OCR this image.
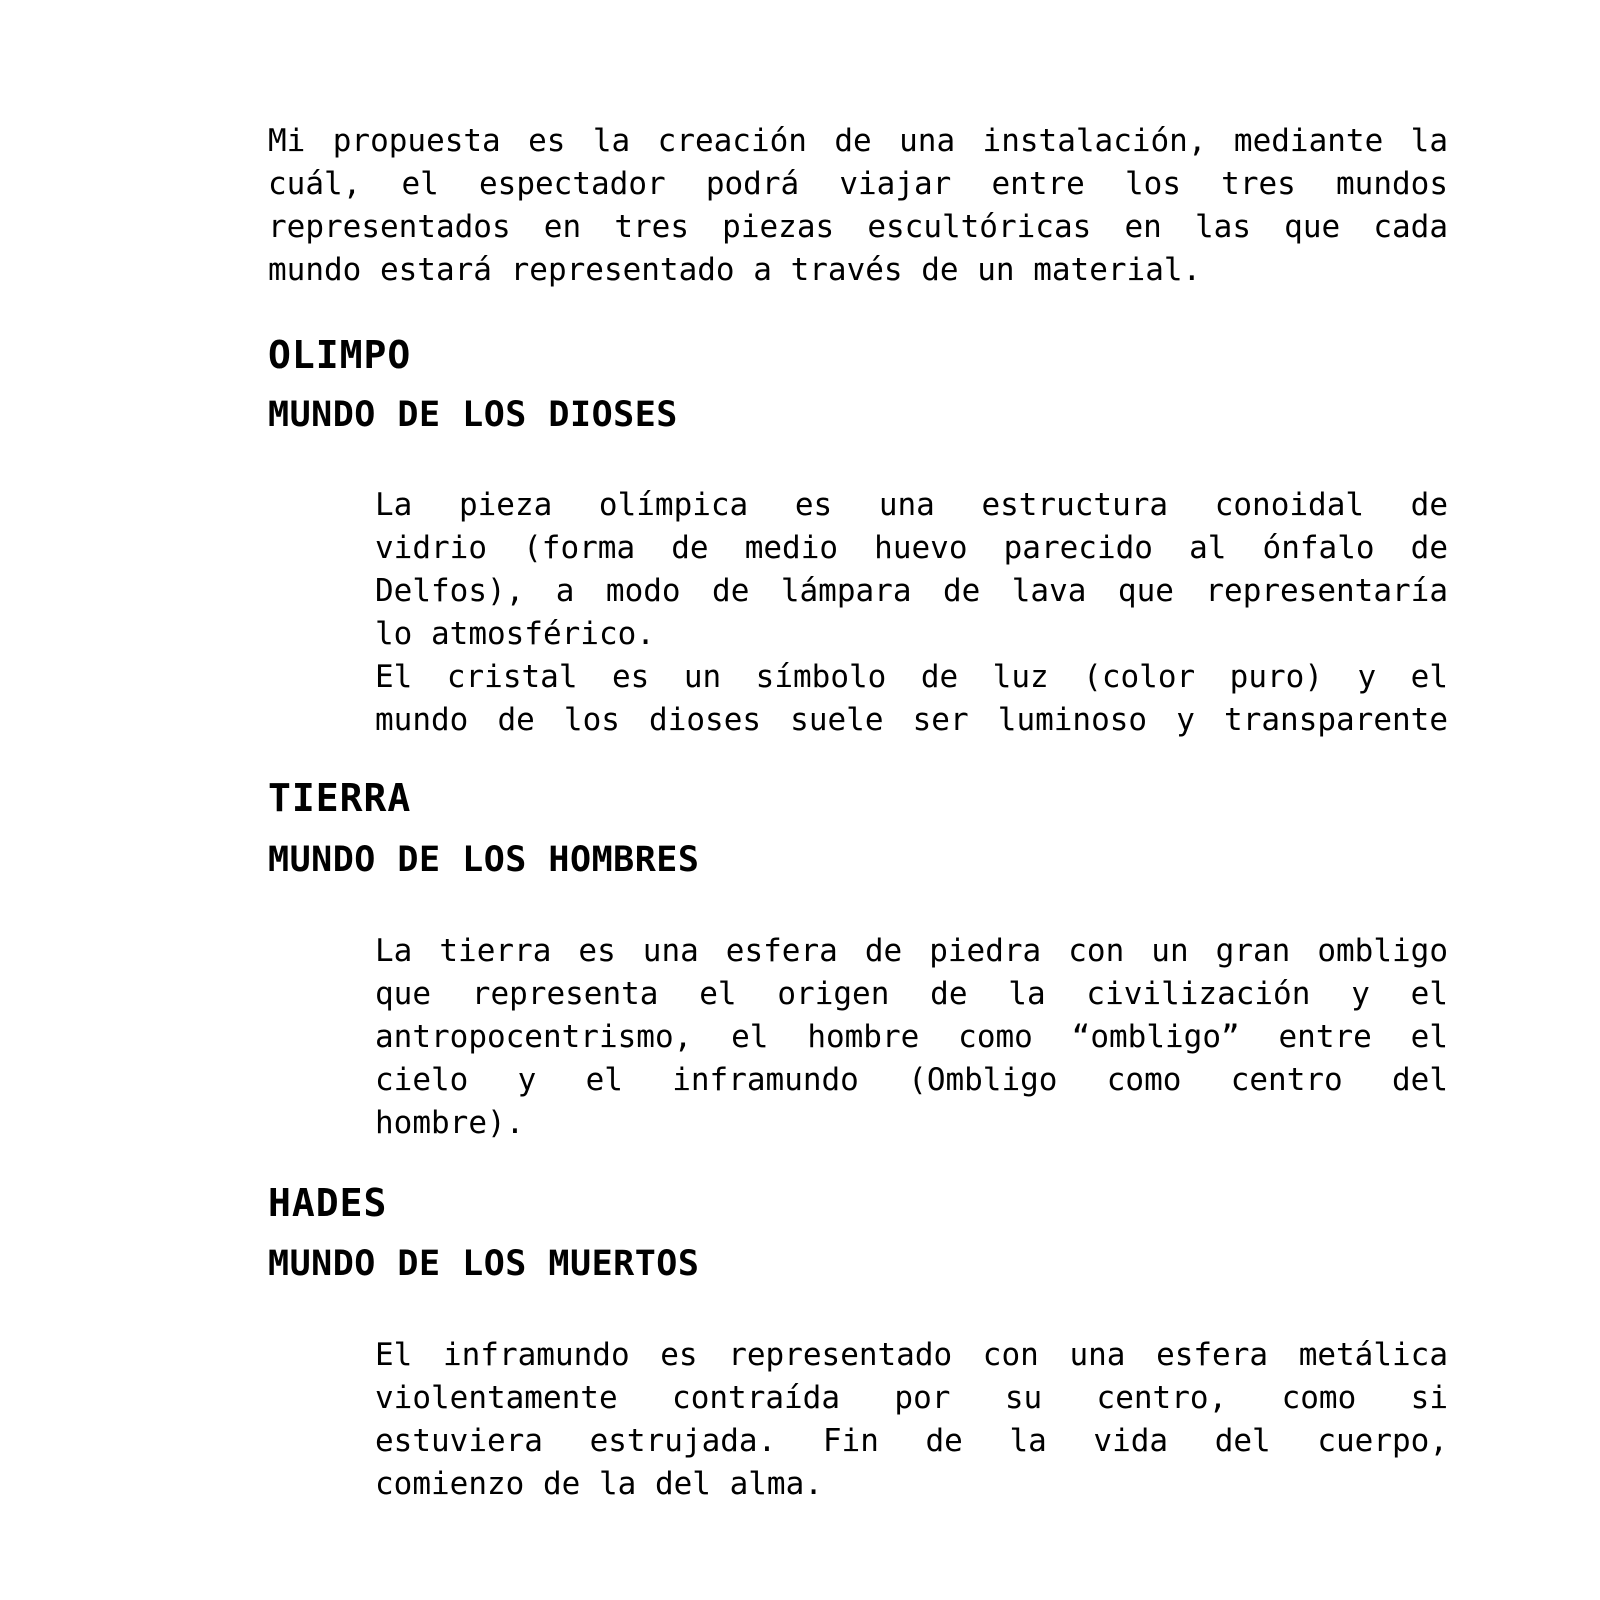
Mi propuesta es la creación de una instalación, mediante la
cuál, el espectador podrá viajar entre los tres mundos
representados en tres piezas escultóricas en las que cada
mundo estará representado a través de un material.

OLIMPO
MUNDO DE LOS DIOSES

La pieza olímpica es una estructura conoidal de
vidrio (forma de medio huevo parecido al ónfalo de
Delfos), a modo de lámpara de lava que representaría
lo atmosférico.
El cristal es un símbolo de luz (color puro) y el
mundo de los dioses suele ser luminoso y transparente

TIERRA
MUNDO DE LOS HOMBRES

La tierra es una esfera de piedra con un gran ombligo
que representa el origen de la civilización y el
antropocentrismo, el hombre como “ombligo” entre el
cielo y el inframundo (Ombligo como centro del
hombre).

HADES
MUNDO DE LOS MUERTOS

El inframundo es representado con una esfera metálica
violentamente contraída por su centro, como si
estuviera estrujada. Fin de la vida del cuerpo,
comienzo de la del alma.
